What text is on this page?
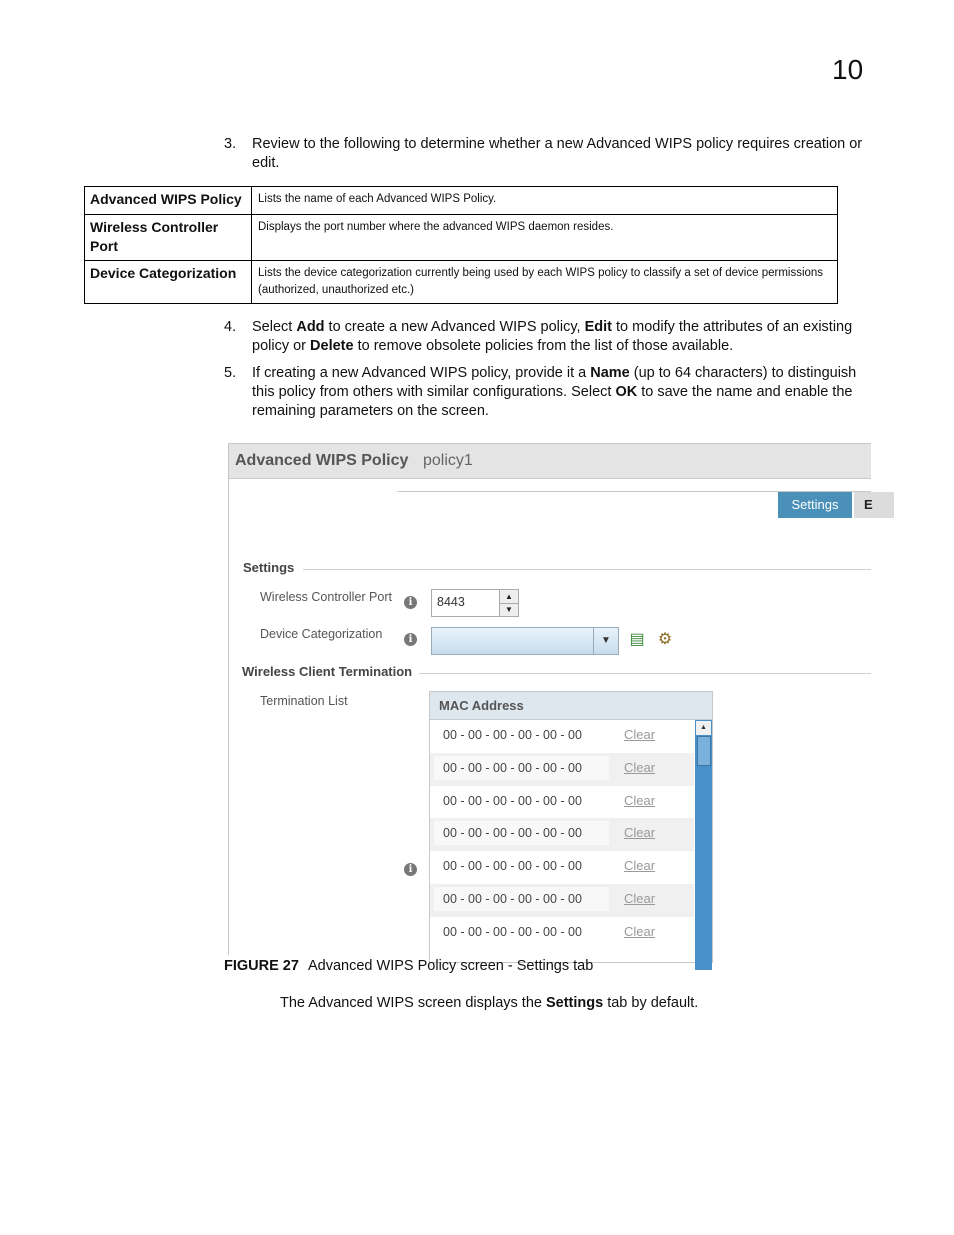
10
3. Review to the following to determine whether a new Advanced WIPS policy requires creation or edit.
Advanced WIPS Policy	Lists the name of each Advanced WIPS Policy.
Wireless Controller Port	Displays the port number where the advanced WIPS daemon resides.
Device Categorization	Lists the device categorization currently being used by each WIPS policy to classify a set of device permissions (authorized, unauthorized etc.)
4. Select Add to create a new Advanced WIPS policy, Edit to modify the attributes of an existing policy or Delete to remove obsolete policies from the list of those available.
5. If creating a new Advanced WIPS policy, provide it a Name (up to 64 characters) to distinguish this policy from others with similar configurations. Select OK to save the name and enable the remaining parameters on the screen.
Advanced WIPS Policy policy1
Settings	E
Settings
Wireless Controller Port	i	8443	▲
▼
Device Categorization	i	▼	▤ ⚙
Wireless Client Termination
Termination List
i
MAC Address
00 - 00 - 00 - 00 - 00 - 00	Clear
00 - 00 - 00 - 00 - 00 - 00	Clear
00 - 00 - 00 - 00 - 00 - 00	Clear
00 - 00 - 00 - 00 - 00 - 00	Clear
00 - 00 - 00 - 00 - 00 - 00	Clear
00 - 00 - 00 - 00 - 00 - 00	Clear
00 - 00 - 00 - 00 - 00 - 00	Clear
▲
FIGURE 27 Advanced WIPS Policy screen - Settings tab
The Advanced WIPS screen displays the Settings tab by default.
